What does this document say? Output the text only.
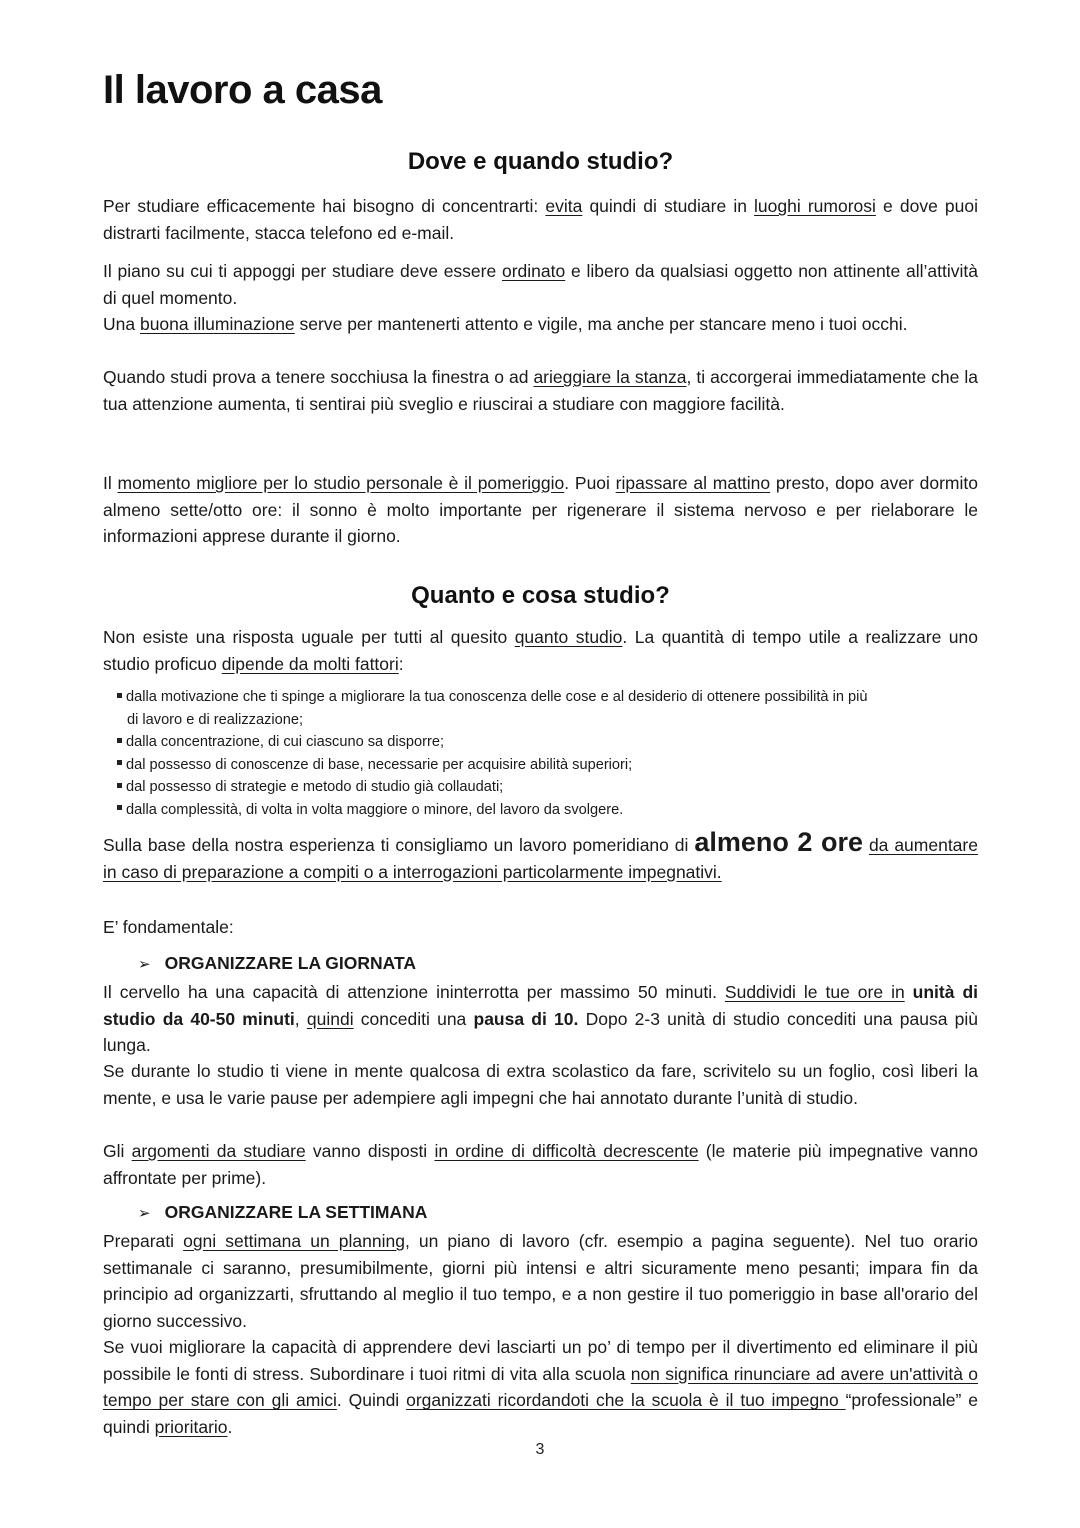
Il lavoro a casa
Dove e quando studio?

Per studiare efficacemente hai bisogno di concentrarti: evita quindi di studiare in luoghi rumorosi e dove puoi distrarti facilmente, stacca telefono ed e-mail.

Il piano su cui ti appoggi per studiare deve essere ordinato e libero da qualsiasi oggetto non attinente all’attività di quel momento.

Una buona illuminazione serve per mantenerti attento e vigile, ma anche per stancare meno i tuoi occhi.

Quando studi prova a tenere socchiusa la finestra o ad arieggiare la stanza, ti accorgerai immediatamente che la tua attenzione aumenta, ti sentirai più sveglio e riuscirai a studiare con maggiore facilità.

Il momento migliore per lo studio personale è il pomeriggio. Puoi ripassare al mattino presto, dopo aver dormito almeno sette/otto ore: il sonno è molto importante per rigenerare il sistema nervoso e per rielaborare le informazioni apprese durante il giorno.

Quanto e cosa studio?

Non esiste una risposta uguale per tutti al quesito quanto studio. La quantità di tempo utile a realizzare uno studio proficuo dipende da molti fattori:

dalla motivazione che ti spinge a migliorare la tua conoscenza delle cose e al desiderio di ottenere possibilità in più di lavoro e di realizzazione;
dalla concentrazione, di cui ciascuno sa disporre;
dal possesso di conoscenze di base, necessarie per acquisire abilità superiori;
dal possesso di strategie e metodo di studio già collaudati;
dalla complessità, di volta in volta maggiore o minore, del lavoro da svolgere.

Sulla base della nostra esperienza ti consigliamo un lavoro pomeridiano di almeno 2 ore da aumentare in caso di preparazione a compiti o a interrogazioni particolarmente impegnativi.

E’ fondamentale:

➢ ORGANIZZARE LA GIORNATA

Il cervello ha una capacità di attenzione ininterrotta per massimo 50 minuti. Suddividi le tue ore in unità di studio da 40-50 minuti, quindi concediti una pausa di 10. Dopo 2-3 unità di studio concediti una pausa più lunga.

Se durante lo studio ti viene in mente qualcosa di extra scolastico da fare, scrivitelo su un foglio, così liberi la mente, e usa le varie pause per adempiere agli impegni che hai annotato durante l’unità di studio.

Gli argomenti da studiare vanno disposti in ordine di difficoltà decrescente (le materie più impegnative vanno affrontate per prime).

➢ ORGANIZZARE LA SETTIMANA

Preparati ogni settimana un planning, un piano di lavoro (cfr. esempio a pagina seguente). Nel tuo orario settimanale ci saranno, presumibilmente, giorni più intensi e altri sicuramente meno pesanti; impara fin da principio ad organizzarti, sfruttando al meglio il tuo tempo, e a non gestire il tuo pomeriggio in base all'orario del giorno successivo.

Se vuoi migliorare la capacità di apprendere devi lasciarti un po’ di tempo per il divertimento ed eliminare il più possibile le fonti di stress. Subordinare i tuoi ritmi di vita alla scuola non significa rinunciare ad avere un'attività o tempo per stare con gli amici. Quindi organizzati ricordandoti che la scuola è il tuo impegno “professionale” e quindi prioritario.

3
